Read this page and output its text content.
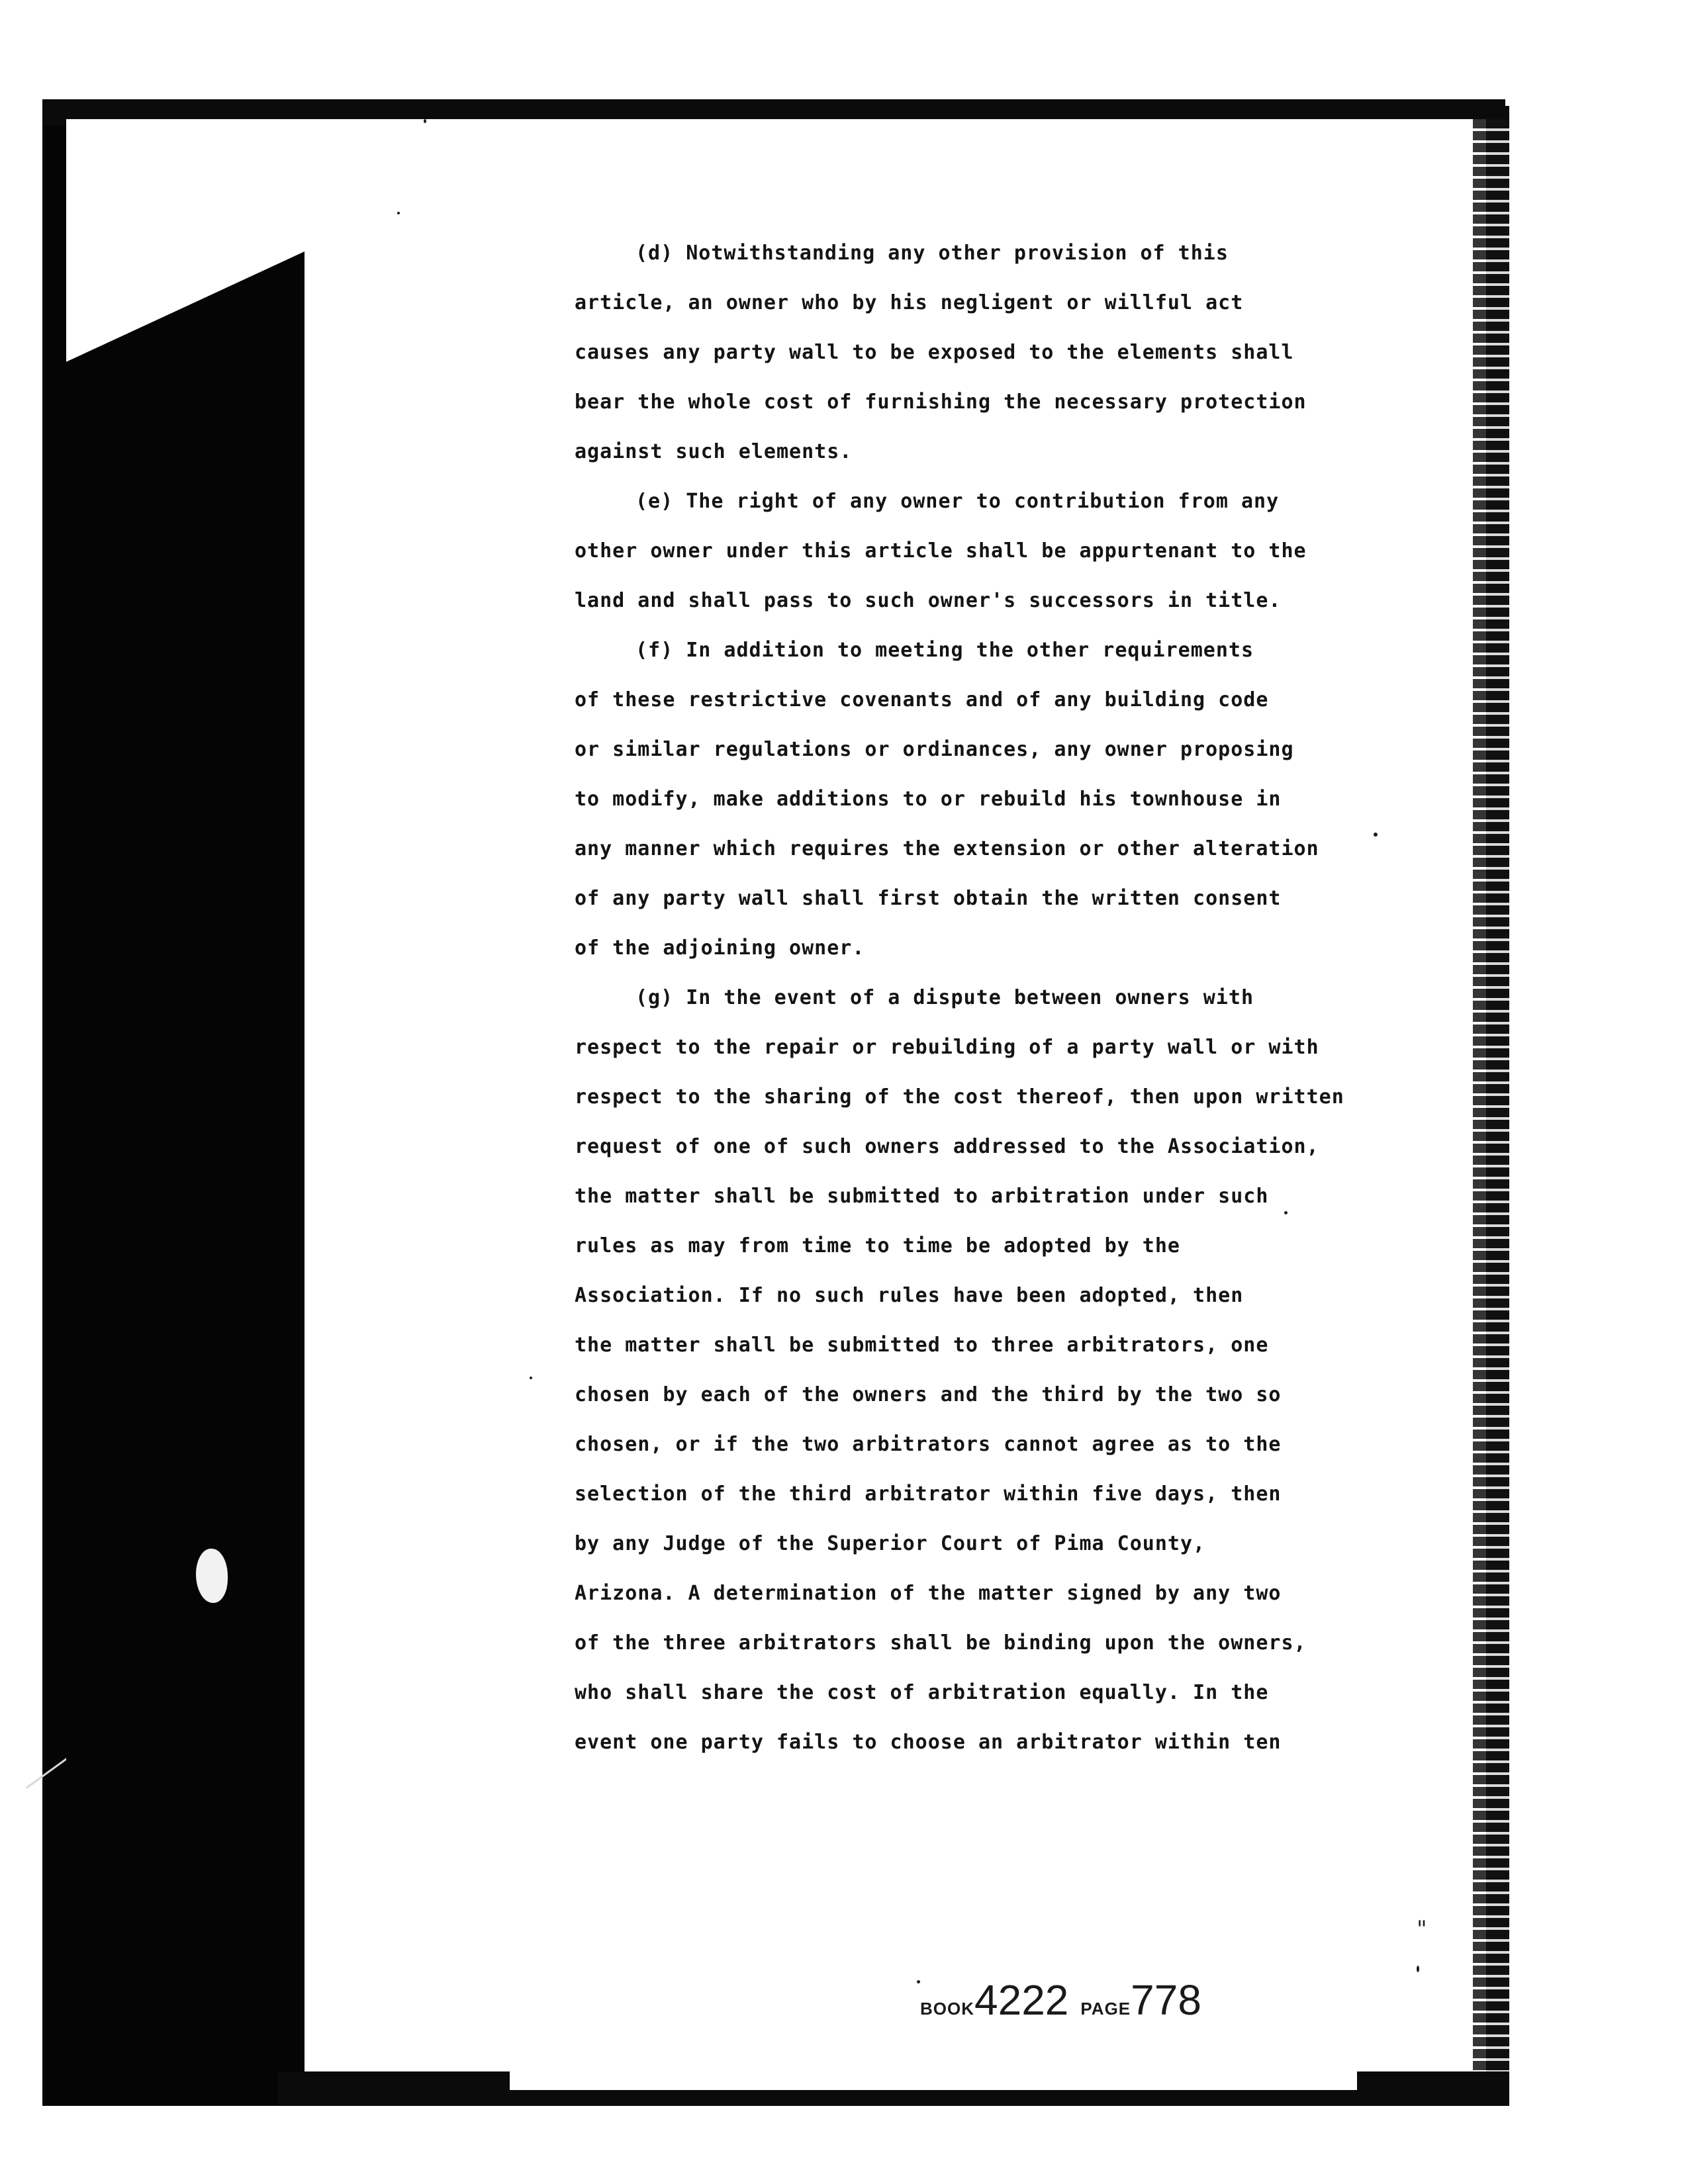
(d) Notwithstanding any other provision of this
article, an owner who by his negligent or willful act
causes any party wall to be exposed to the elements shall
bear the whole cost of furnishing the necessary protection
against such elements.
(e) The right of any owner to contribution from any
other owner under this article shall be appurtenant to the
land and shall pass to such owner's successors in title.
(f) In addition to meeting the other requirements
of these restrictive covenants and of any building code
or similar regulations or ordinances, any owner proposing
to modify, make additions to or rebuild his townhouse in
any manner which requires the extension or other alteration
of any party wall shall first obtain the written consent
of the adjoining owner.
(g) In the event of a dispute between owners with
respect to the repair or rebuilding of a party wall or with
respect to the sharing of the cost thereof, then upon written
request of one of such owners addressed to the Association,
the matter shall be submitted to arbitration under such
rules as may from time to time be adopted by the
Association. If no such rules have been adopted, then
the matter shall be submitted to three arbitrators, one
chosen by each of the owners and the third by the two so
chosen, or if the two arbitrators cannot agree as to the
selection of the third arbitrator within five days, then
by any Judge of the Superior Court of Pima County,
Arizona. A determination of the matter signed by any two
of the three arbitrators shall be binding upon the owners,
who shall share the cost of arbitration equally. In the
event one party fails to choose an arbitrator within ten
BOOK4222 PAGE778
"
